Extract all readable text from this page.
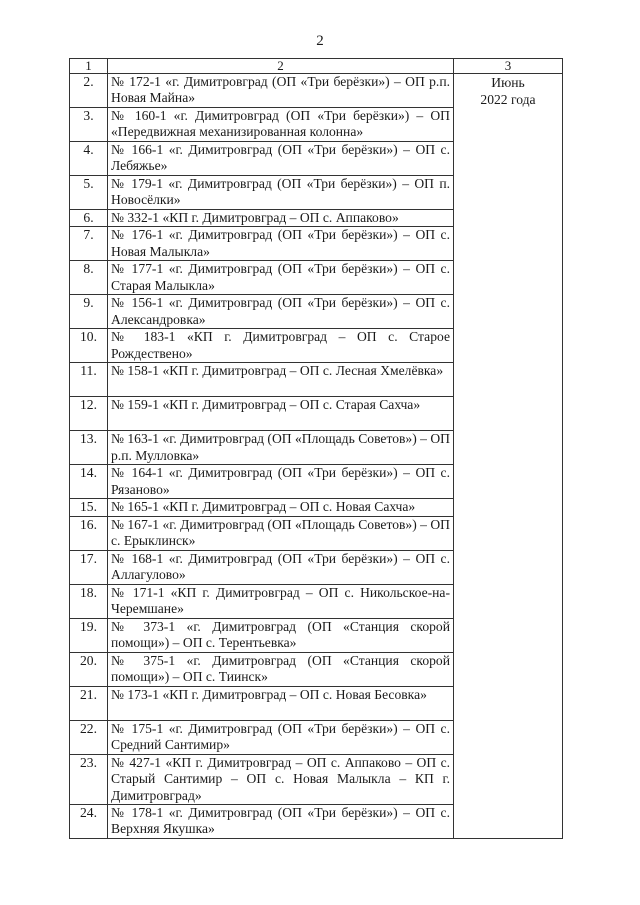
2
1	2	3
2.	№ 172-1 «г. Димитровград (ОП «Три берёзки») – ОП р.п. Новая Майна»	Июнь
2022 года

3.	№ 160-1 «г. Димитровград (ОП «Три берёзки») – ОП «Передвижная механизированная колонна»	
4.	№ 166-1 «г. Димитровград (ОП «Три берёзки») – ОП с. Лебяжье»	
5.	№ 179-1 «г. Димитровград (ОП «Три берёзки») – ОП п. Новосёлки»	
6.	№ 332-1 «КП г. Димитровград – ОП с. Аппаково»	
7.	№ 176-1 «г. Димитровград (ОП «Три берёзки») – ОП с. Новая Малыкла»	
8.	№ 177-1 «г. Димитровград (ОП «Три берёзки») – ОП с. Старая Малыкла»	
9.	№ 156-1 «г. Димитровград (ОП «Три берёзки») – ОП с. Александровка»	
10.	№ 183-1 «КП г. Димитровград – ОП с. Старое Рождествено»	
11.	№ 158-1 «КП г. Димитровград – ОП с. Лесная Хмелёвка»	
12.	№ 159-1 «КП г. Димитровград – ОП с. Старая Сахча»	
13.	№ 163-1 «г. Димитровград (ОП «Площадь Советов») – ОП р.п. Мулловка»	
14.	№ 164-1 «г. Димитровград (ОП «Три берёзки») – ОП с. Рязаново»	
15.	№ 165-1 «КП г. Димитровград – ОП с. Новая Сахча»	
16.	№ 167-1 «г. Димитровград (ОП «Площадь Советов») – ОП с. Ерыклинск»	
17.	№ 168-1 «г. Димитровград (ОП «Три берёзки») – ОП с. Аллагулово»	
18.	№ 171-1 «КП г. Димитровград – ОП с. Никольское-на-Черемшане»	
19.	№ 373-1 «г. Димитровград (ОП «Станция скорой помощи») – ОП с. Терентьевка»	
20.	№ 375-1 «г. Димитровград (ОП «Станция скорой помощи») – ОП с. Тиинск»	
21.	№ 173-1 «КП г. Димитровград – ОП с. Новая Бесовка»	
22.	№ 175-1 «г. Димитровград (ОП «Три берёзки») – ОП с. Средний Сантимир»	
23.	№ 427-1 «КП г. Димитровград – ОП с. Аппаково – ОП с. Старый Сантимир – ОП с. Новая Малыкла – КП г. Димитровград»	
24.	№ 178-1 «г. Димитровград (ОП «Три берёзки») – ОП с. Верхняя Якушка»	
